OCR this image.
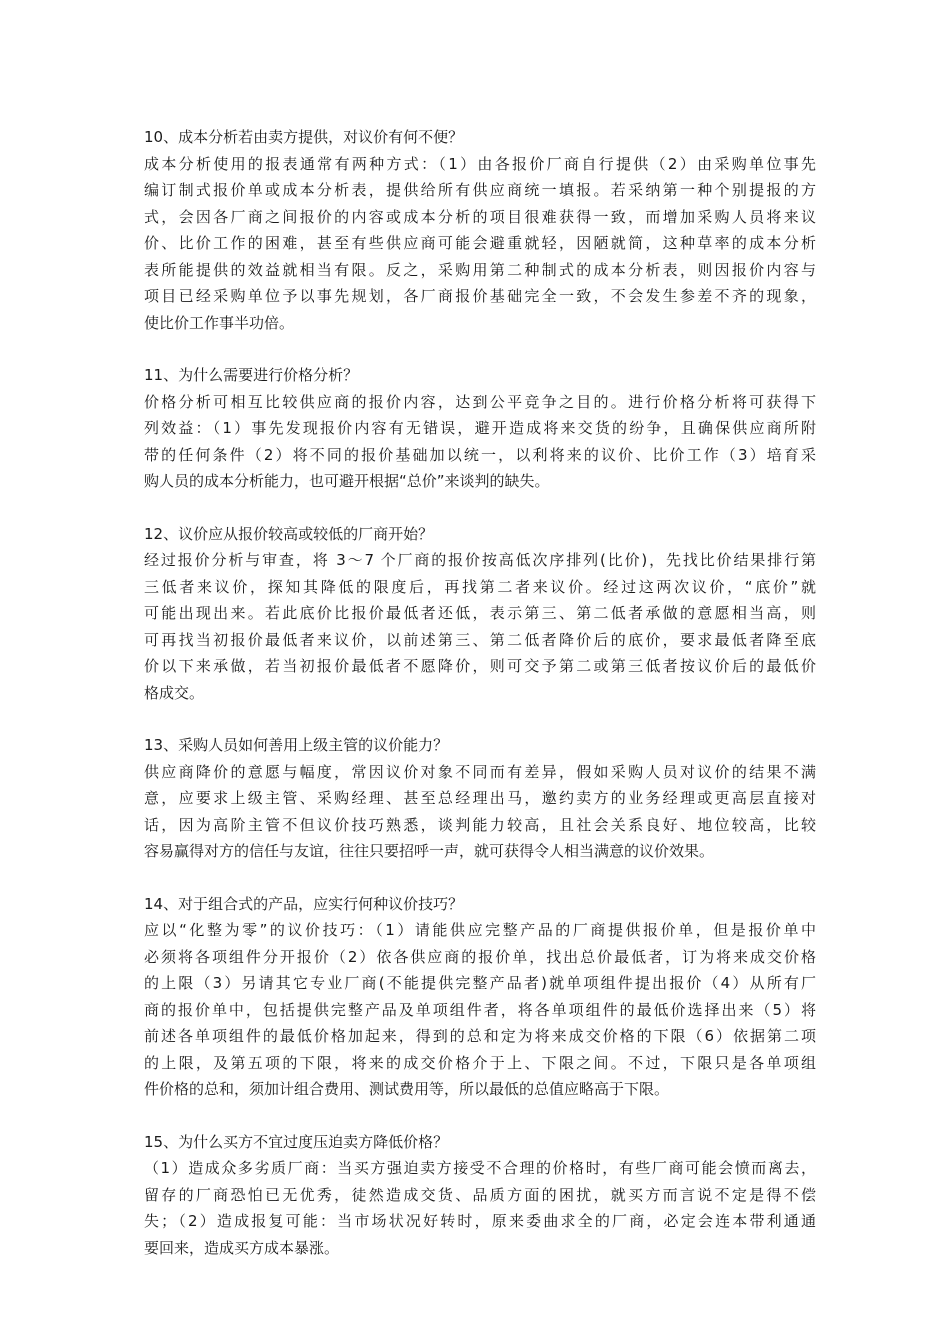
10、成本分析若由卖方提供，对议价有何不便？

成本分析使用的报表通常有两种方式：（1）由各报价厂商自行提供（2）由采购单位事先
编订制式报价单或成本分析表，提供给所有供应商统一填报。若采纳第一种个别提报的方
式，会因各厂商之间报价的内容或成本分析的项目很难获得一致，而增加采购人员将来议
价、比价工作的困难，甚至有些供应商可能会避重就轻，因陋就简，这种草率的成本分析
表所能提供的效益就相当有限。反之，采购用第二种制式的成本分析表，则因报价内容与
项目已经采购单位予以事先规划，各厂商报价基础完全一致，不会发生参差不齐的现象，
使比价工作事半功倍。

11、为什么需要进行价格分析？

价格分析可相互比较供应商的报价内容，达到公平竞争之目的。进行价格分析将可获得下
列效益：（1）事先发现报价内容有无错误，避开造成将来交货的纷争，且确保供应商所附
带的任何条件（2）将不同的报价基础加以统一，以利将来的议价、比价工作（3）培育采
购人员的成本分析能力，也可避开根据“总价”来谈判的缺失。

12、议价应从报价较高或较低的厂商开始？

经过报价分析与审查，将 3～7 个厂商的报价按高低次序排列(比价)，先找比价结果排行第
三低者来议价，探知其降低的限度后，再找第二者来议价。经过这两次议价，“底价”就
可能出现出来。若此底价比报价最低者还低，表示第三、第二低者承做的意愿相当高，则
可再找当初报价最低者来议价，以前述第三、第二低者降价后的底价，要求最低者降至底
价以下来承做，若当初报价最低者不愿降价，则可交予第二或第三低者按议价后的最低价
格成交。

13、采购人员如何善用上级主管的议价能力？

供应商降价的意愿与幅度，常因议价对象不同而有差异，假如采购人员对议价的结果不满
意，应要求上级主管、采购经理、甚至总经理出马，邀约卖方的业务经理或更高层直接对
话，因为高阶主管不但议价技巧熟悉，谈判能力较高，且社会关系良好、地位较高，比较
容易赢得对方的信任与友谊，往往只要招呼一声，就可获得令人相当满意的议价效果。

14、对于组合式的产品，应实行何种议价技巧？

应以“化整为零”的议价技巧：（1）请能供应完整产品的厂商提供报价单，但是报价单中
必须将各项组件分开报价（2）依各供应商的报价单，找出总价最低者，订为将来成交价格
的上限（3）另请其它专业厂商(不能提供完整产品者)就单项组件提出报价（4）从所有厂
商的报价单中，包括提供完整产品及单项组件者，将各单项组件的最低价选择出来（5）将
前述各单项组件的最低价格加起来，得到的总和定为将来成交价格的下限（6）依据第二项
的上限，及第五项的下限，将来的成交价格介于上、下限之间。不过，下限只是各单项组
件价格的总和，须加计组合费用、测试费用等，所以最低的总值应略高于下限。

15、为什么买方不宜过度压迫卖方降低价格？

（1）造成众多劣质厂商：当买方强迫卖方接受不合理的价格时，有些厂商可能会愤而离去，
留存的厂商恐怕已无优秀，徒然造成交货、品质方面的困扰，就买方而言说不定是得不偿
失；（2）造成报复可能：当市场状况好转时，原来委曲求全的厂商，必定会连本带利通通
要回来，造成买方成本暴涨。
